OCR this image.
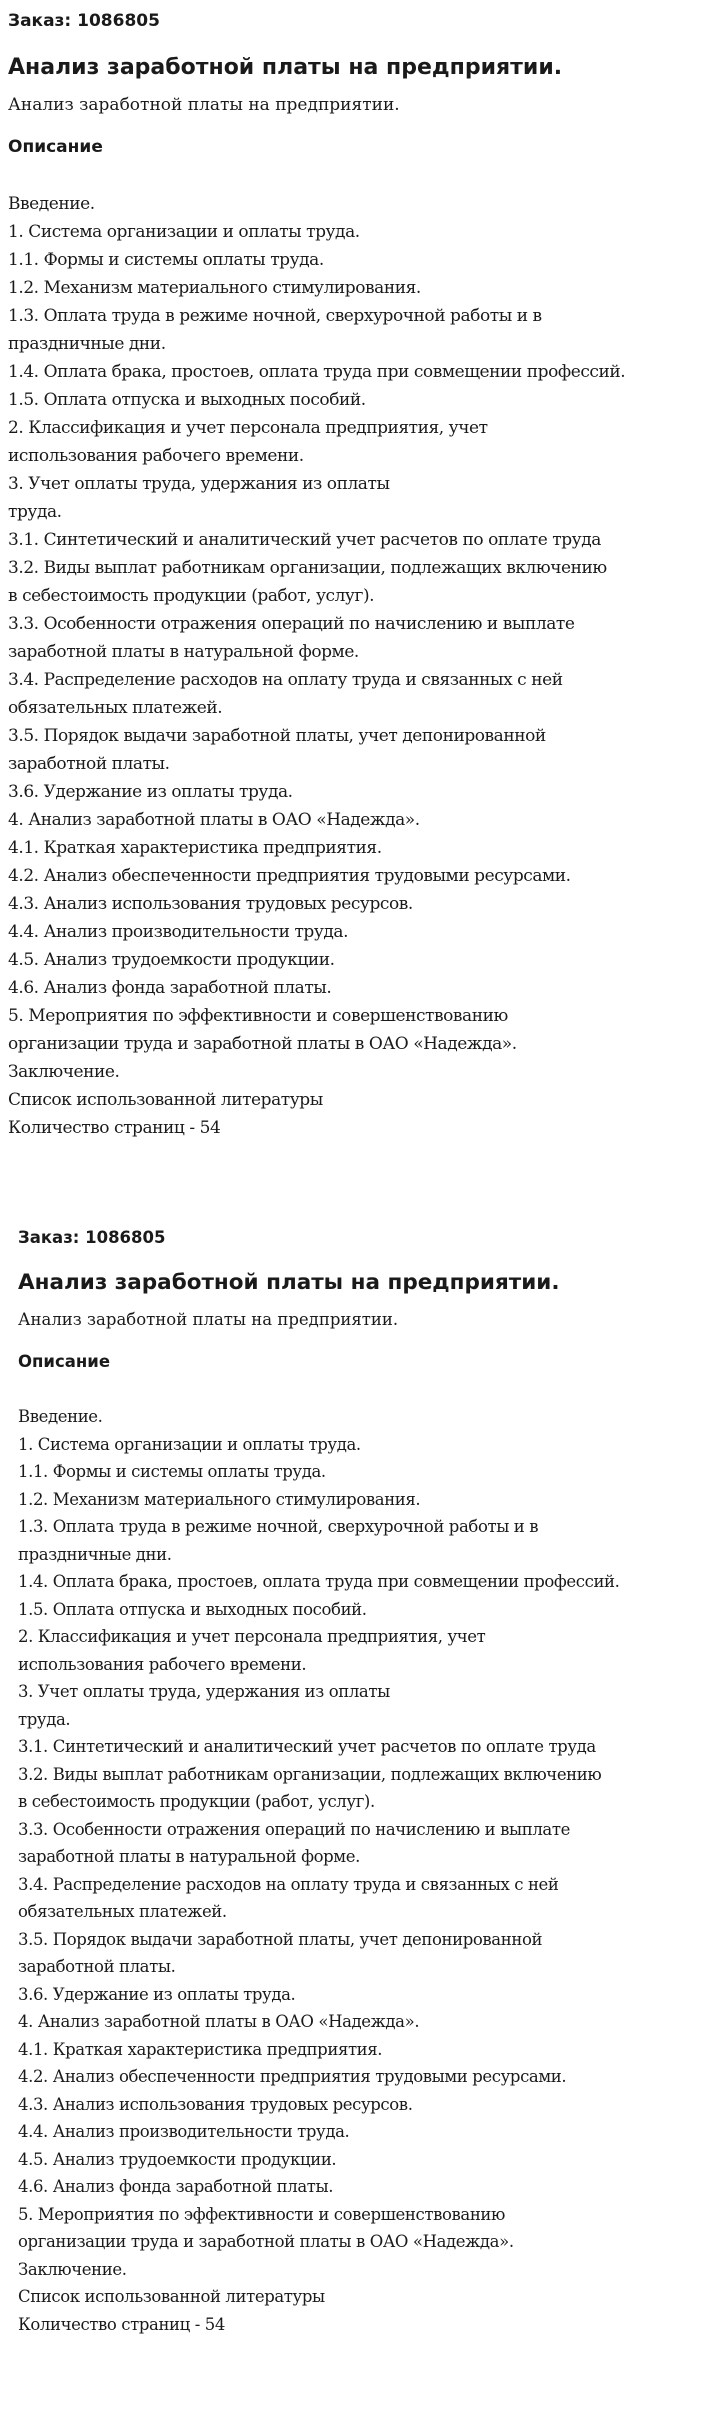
Заказ: 1086805

Анализ заработной платы на предприятии.

Анализ заработной платы на предприятии.

Описание
Введение.
1. Система организации и оплаты труда.
1.1. Формы и системы оплаты труда.
1.2. Механизм материального стимулирования.
1.3. Оплата труда в режиме ночной, сверхурочной работы и в
праздничные дни.
1.4. Оплата брака, простоев, оплата труда при совмещении профессий.
1.5. Оплата отпуска и выходных пособий.
2. Классификация и учет персонала предприятия, учет
использования рабочего времени.
3. Учет оплаты труда, удержания из оплаты
труда.
3.1. Синтетический и аналитический учет расчетов по оплате труда
3.2. Виды выплат работникам организации, подлежащих включению
в себестоимость продукции (работ, услуг).
3.3. Особенности отражения операций по начислению и выплате
заработной платы в натуральной форме.
3.4. Распределение расходов на оплату труда и связанных с ней
обязательных платежей.
3.5. Порядок выдачи заработной платы, учет депонированной
заработной платы.
3.6. Удержание из оплаты труда.
4. Анализ заработной платы в ОАО «Надежда».
4.1. Краткая характеристика предприятия.
4.2. Анализ обеспеченности предприятия трудовыми ресурсами.
4.3. Анализ использования трудовых ресурсов.
4.4. Анализ производительности труда.
4.5. Анализ трудоемкости продукции.
4.6. Анализ фонда заработной платы.
5. Мероприятия по эффективности и совершенствованию
организации труда и заработной платы в ОАО «Надежда».
Заключение.
Список использованной литературы
Количество страниц - 54

Заказ: 1086805

Анализ заработной платы на предприятии.

Анализ заработной платы на предприятии.

Описание
Введение.
1. Система организации и оплаты труда.
1.1. Формы и системы оплаты труда.
1.2. Механизм материального стимулирования.
1.3. Оплата труда в режиме ночной, сверхурочной работы и в
праздничные дни.
1.4. Оплата брака, простоев, оплата труда при совмещении профессий.
1.5. Оплата отпуска и выходных пособий.
2. Классификация и учет персонала предприятия, учет
использования рабочего времени.
3. Учет оплаты труда, удержания из оплаты
труда.
3.1. Синтетический и аналитический учет расчетов по оплате труда
3.2. Виды выплат работникам организации, подлежащих включению
в себестоимость продукции (работ, услуг).
3.3. Особенности отражения операций по начислению и выплате
заработной платы в натуральной форме.
3.4. Распределение расходов на оплату труда и связанных с ней
обязательных платежей.
3.5. Порядок выдачи заработной платы, учет депонированной
заработной платы.
3.6. Удержание из оплаты труда.
4. Анализ заработной платы в ОАО «Надежда».
4.1. Краткая характеристика предприятия.
4.2. Анализ обеспеченности предприятия трудовыми ресурсами.
4.3. Анализ использования трудовых ресурсов.
4.4. Анализ производительности труда.
4.5. Анализ трудоемкости продукции.
4.6. Анализ фонда заработной платы.
5. Мероприятия по эффективности и совершенствованию
организации труда и заработной платы в ОАО «Надежда».
Заключение.
Список использованной литературы
Количество страниц - 54
